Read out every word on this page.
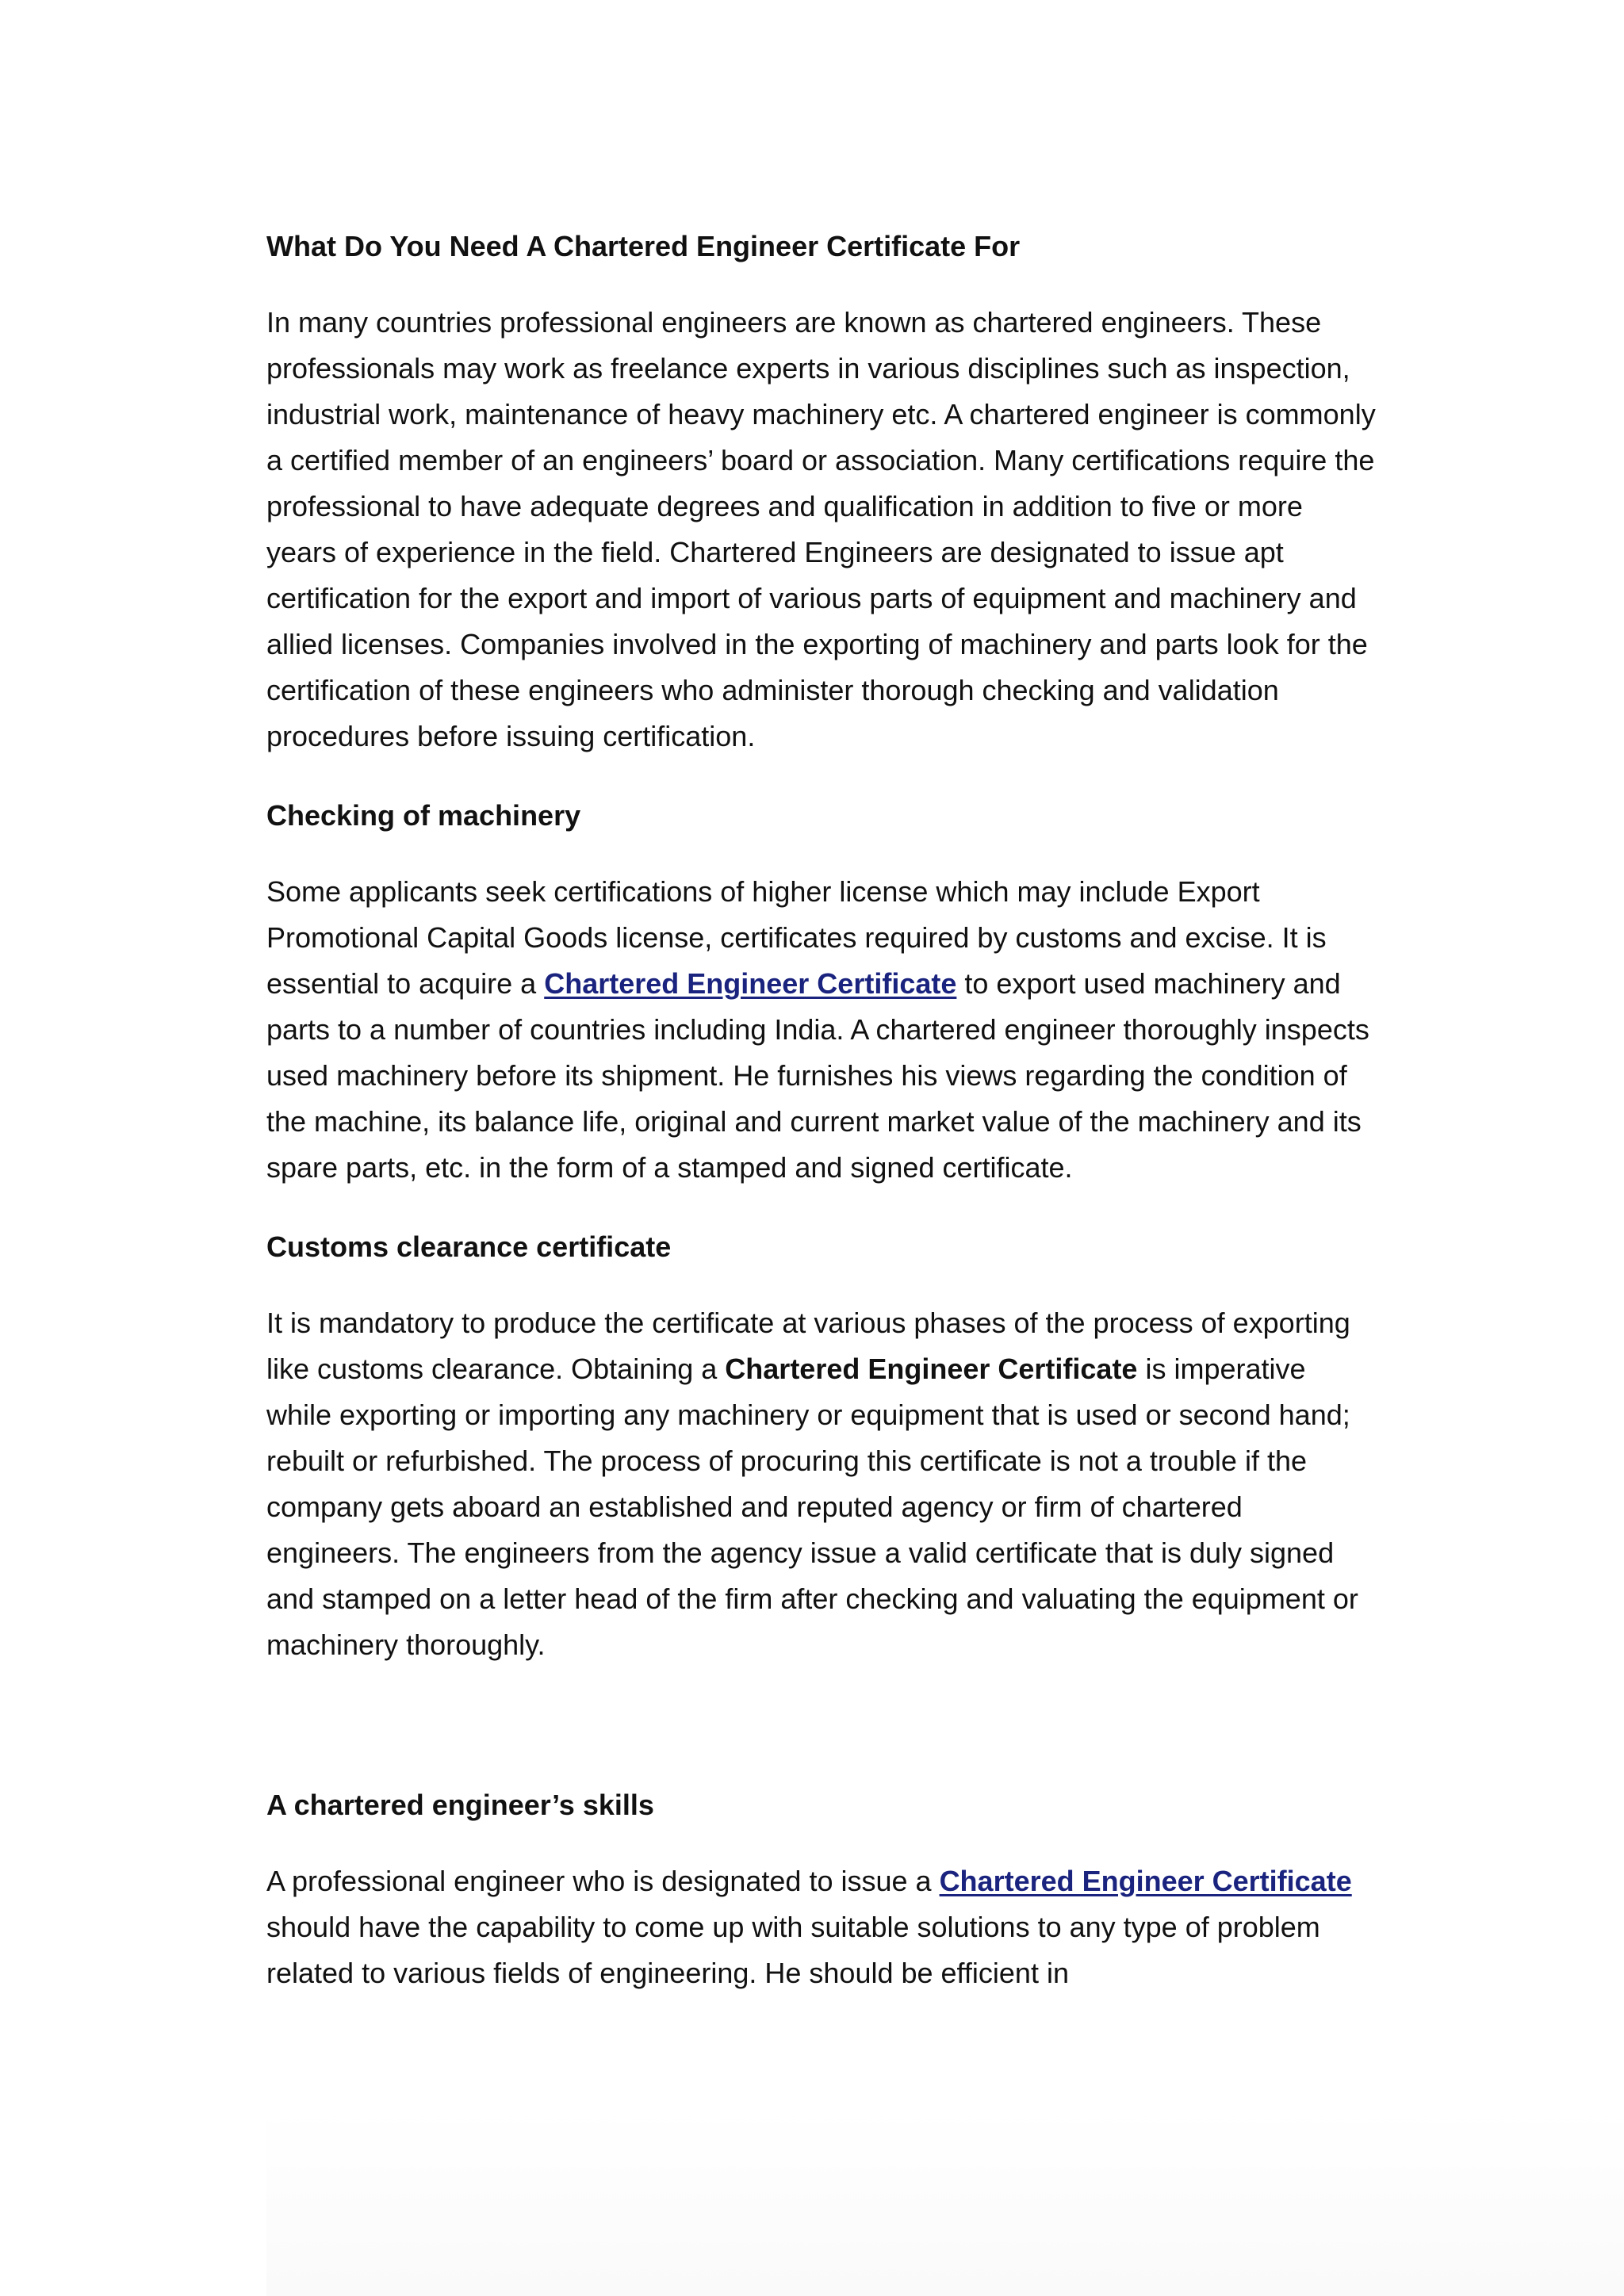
What Do You Need A Chartered Engineer Certificate For

In many countries professional engineers are known as chartered engineers. These professionals may work as freelance experts in various disciplines such as inspection, industrial work, maintenance of heavy machinery etc. A chartered engineer is commonly a certified member of an engineers’ board or association. Many certifications require the professional to have adequate degrees and qualification in addition to five or more years of experience in the field. Chartered Engineers are designated to issue apt certification for the export and import of various parts of equipment and machinery and allied licenses. Companies involved in the exporting of machinery and parts look for the certification of these engineers who administer thorough checking and validation procedures before issuing certification.

Checking of machinery

Some applicants seek certifications of higher license which may include Export Promotional Capital Goods license, certificates required by customs and excise. It is essential to acquire a Chartered Engineer Certificate to export used machinery and parts to a number of countries including India. A chartered engineer thoroughly inspects used machinery before its shipment. He furnishes his views regarding the condition of the machine, its balance life, original and current market value of the machinery and its spare parts, etc. in the form of a stamped and signed certificate.

Customs clearance certificate

It is mandatory to produce the certificate at various phases of the process of exporting like customs clearance. Obtaining a Chartered Engineer Certificate is imperative while exporting or importing any machinery or equipment that is used or second hand; rebuilt or refurbished. The process of procuring this certificate is not a trouble if the company gets aboard an established and reputed agency or firm of chartered engineers. The engineers from the agency issue a valid certificate that is duly signed and stamped on a letter head of the firm after checking and valuating the equipment or machinery thoroughly.

A chartered engineer’s skills

A professional engineer who is designated to issue a Chartered Engineer Certificate should have the capability to come up with suitable solutions to any type of problem related to various fields of engineering. He should be efficient in
